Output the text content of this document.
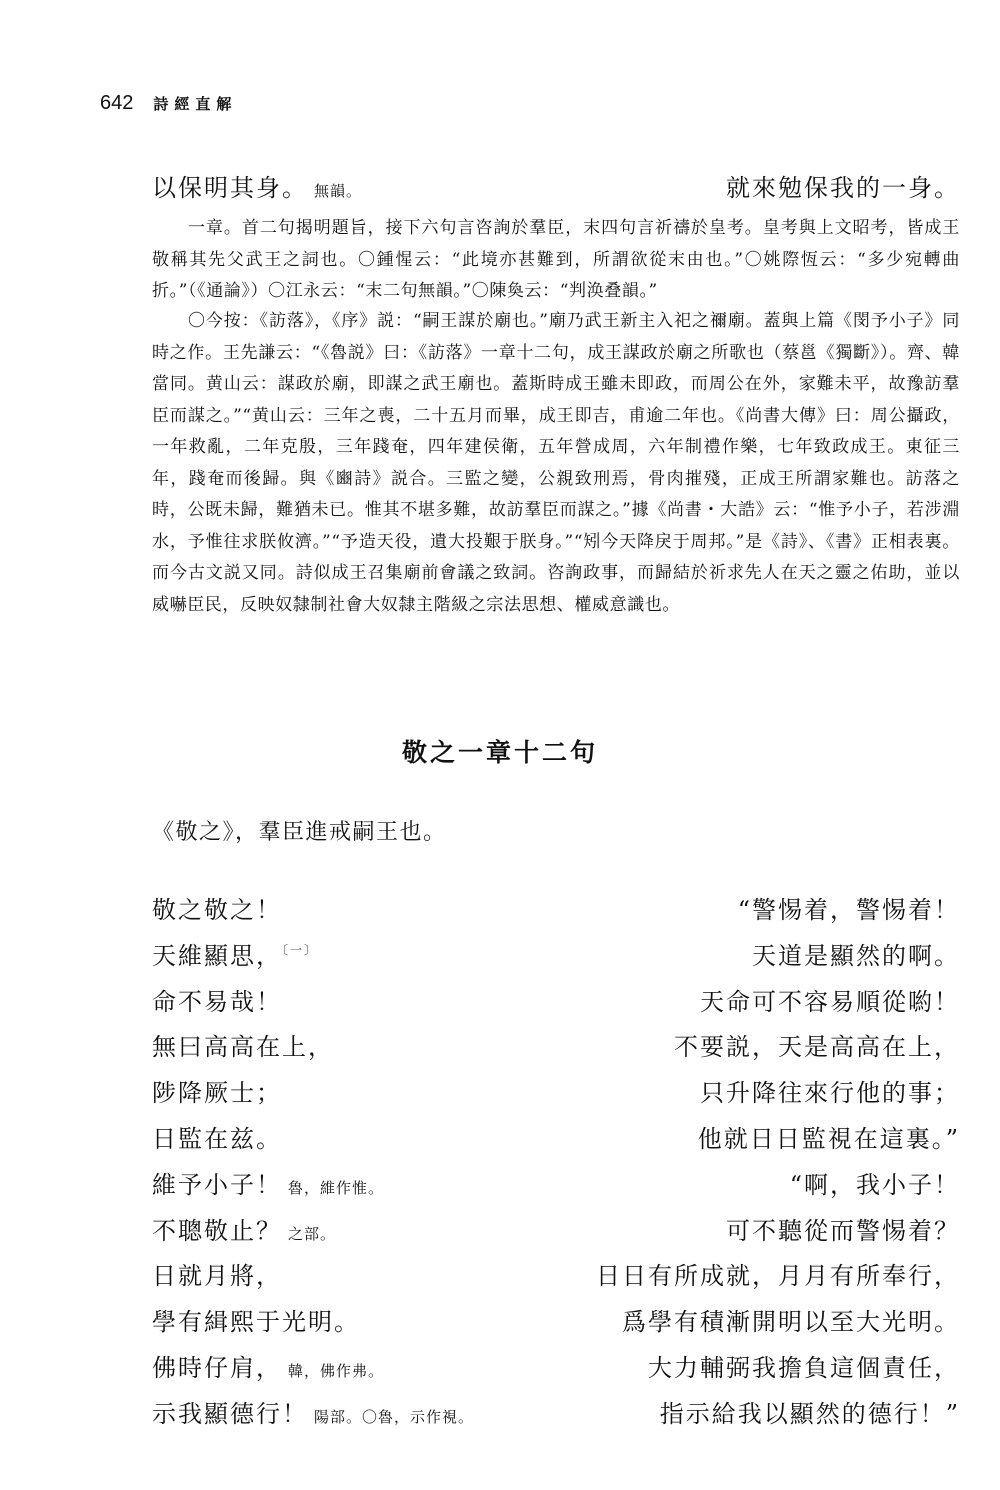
642 詩經直解
以保明其身。 無韻。	就來勉保我的一身。

一章。首二句揭明題旨，接下六句言咨詢於羣臣，末四句言祈禱於皇考。皇考與上文昭考，皆成王敬稱其先父武王之詞也。〇鍾惺云：“此境亦甚難到，所謂欲從末由也。”〇姚際恆云：“多少宛轉曲折。”（《通論》）〇江永云：“末二句無韻。”〇陳奐云：“判涣叠韻。”

〇今按：《訪落》，《序》説：“嗣王謀於廟也。”廟乃武王新主入祀之禰廟。蓋與上篇《閔予小子》同時之作。王先謙云：“《魯説》曰：《訪落》一章十二句，成王謀政於廟之所歌也（蔡邕《獨斷》）。齊、韓當同。黄山云：謀政於廟，即謀之武王廟也。蓋斯時成王雖未即政，而周公在外，家難未平，故豫訪羣臣而謀之。”“黄山云：三年之喪，二十五月而畢，成王即吉，甫逾二年也。《尚書大傳》曰：周公攝政，一年救亂，二年克殷，三年踐奄，四年建侯衛，五年營成周，六年制禮作樂，七年致政成王。東征三年，踐奄而後歸。與《豳詩》説合。三監之變，公親致刑焉，骨肉摧殘，正成王所謂家難也。訪落之時，公既未歸，難猶未已。惟其不堪多難，故訪羣臣而謀之。”據《尚書・大誥》云：“惟予小子，若涉淵水，予惟往求朕攸濟。”“予造天役，遺大投艱于朕身。”“矧今天降戾于周邦。”是《詩》、《書》正相表裏。而今古文説又同。詩似成王召集廟前會議之致詞。咨詢政事，而歸結於祈求先人在天之靈之佑助，並以威嚇臣民，反映奴隸制社會大奴隸主階級之宗法思想、權威意識也。

敬之一章十二句
《敬之》，羣臣進戒嗣王也。
敬之敬之！	“警惕着，警惕着！
天維顯思，$^{〔一〕}$	天道是顯然的啊。
命不易哉！	天命可不容易順從喲！
無曰高高在上，	不要説，天是高高在上，
陟降厥士；	只升降往來行他的事；
日監在兹。	他就日日監視在這裏。”
維予小子！ 魯，維作惟。	“啊，我小子！
不聰敬止？ 之部。	可不聽從而警惕着？
日就月將，	日日有所成就，月月有所奉行，
學有緝熙于光明。	爲學有積漸開明以至大光明。
佛時仔肩， 韓，佛作弗。	大力輔弼我擔負這個責任，
示我顯德行！ 陽部。〇魯，示作視。	指示給我以顯然的德行！”
